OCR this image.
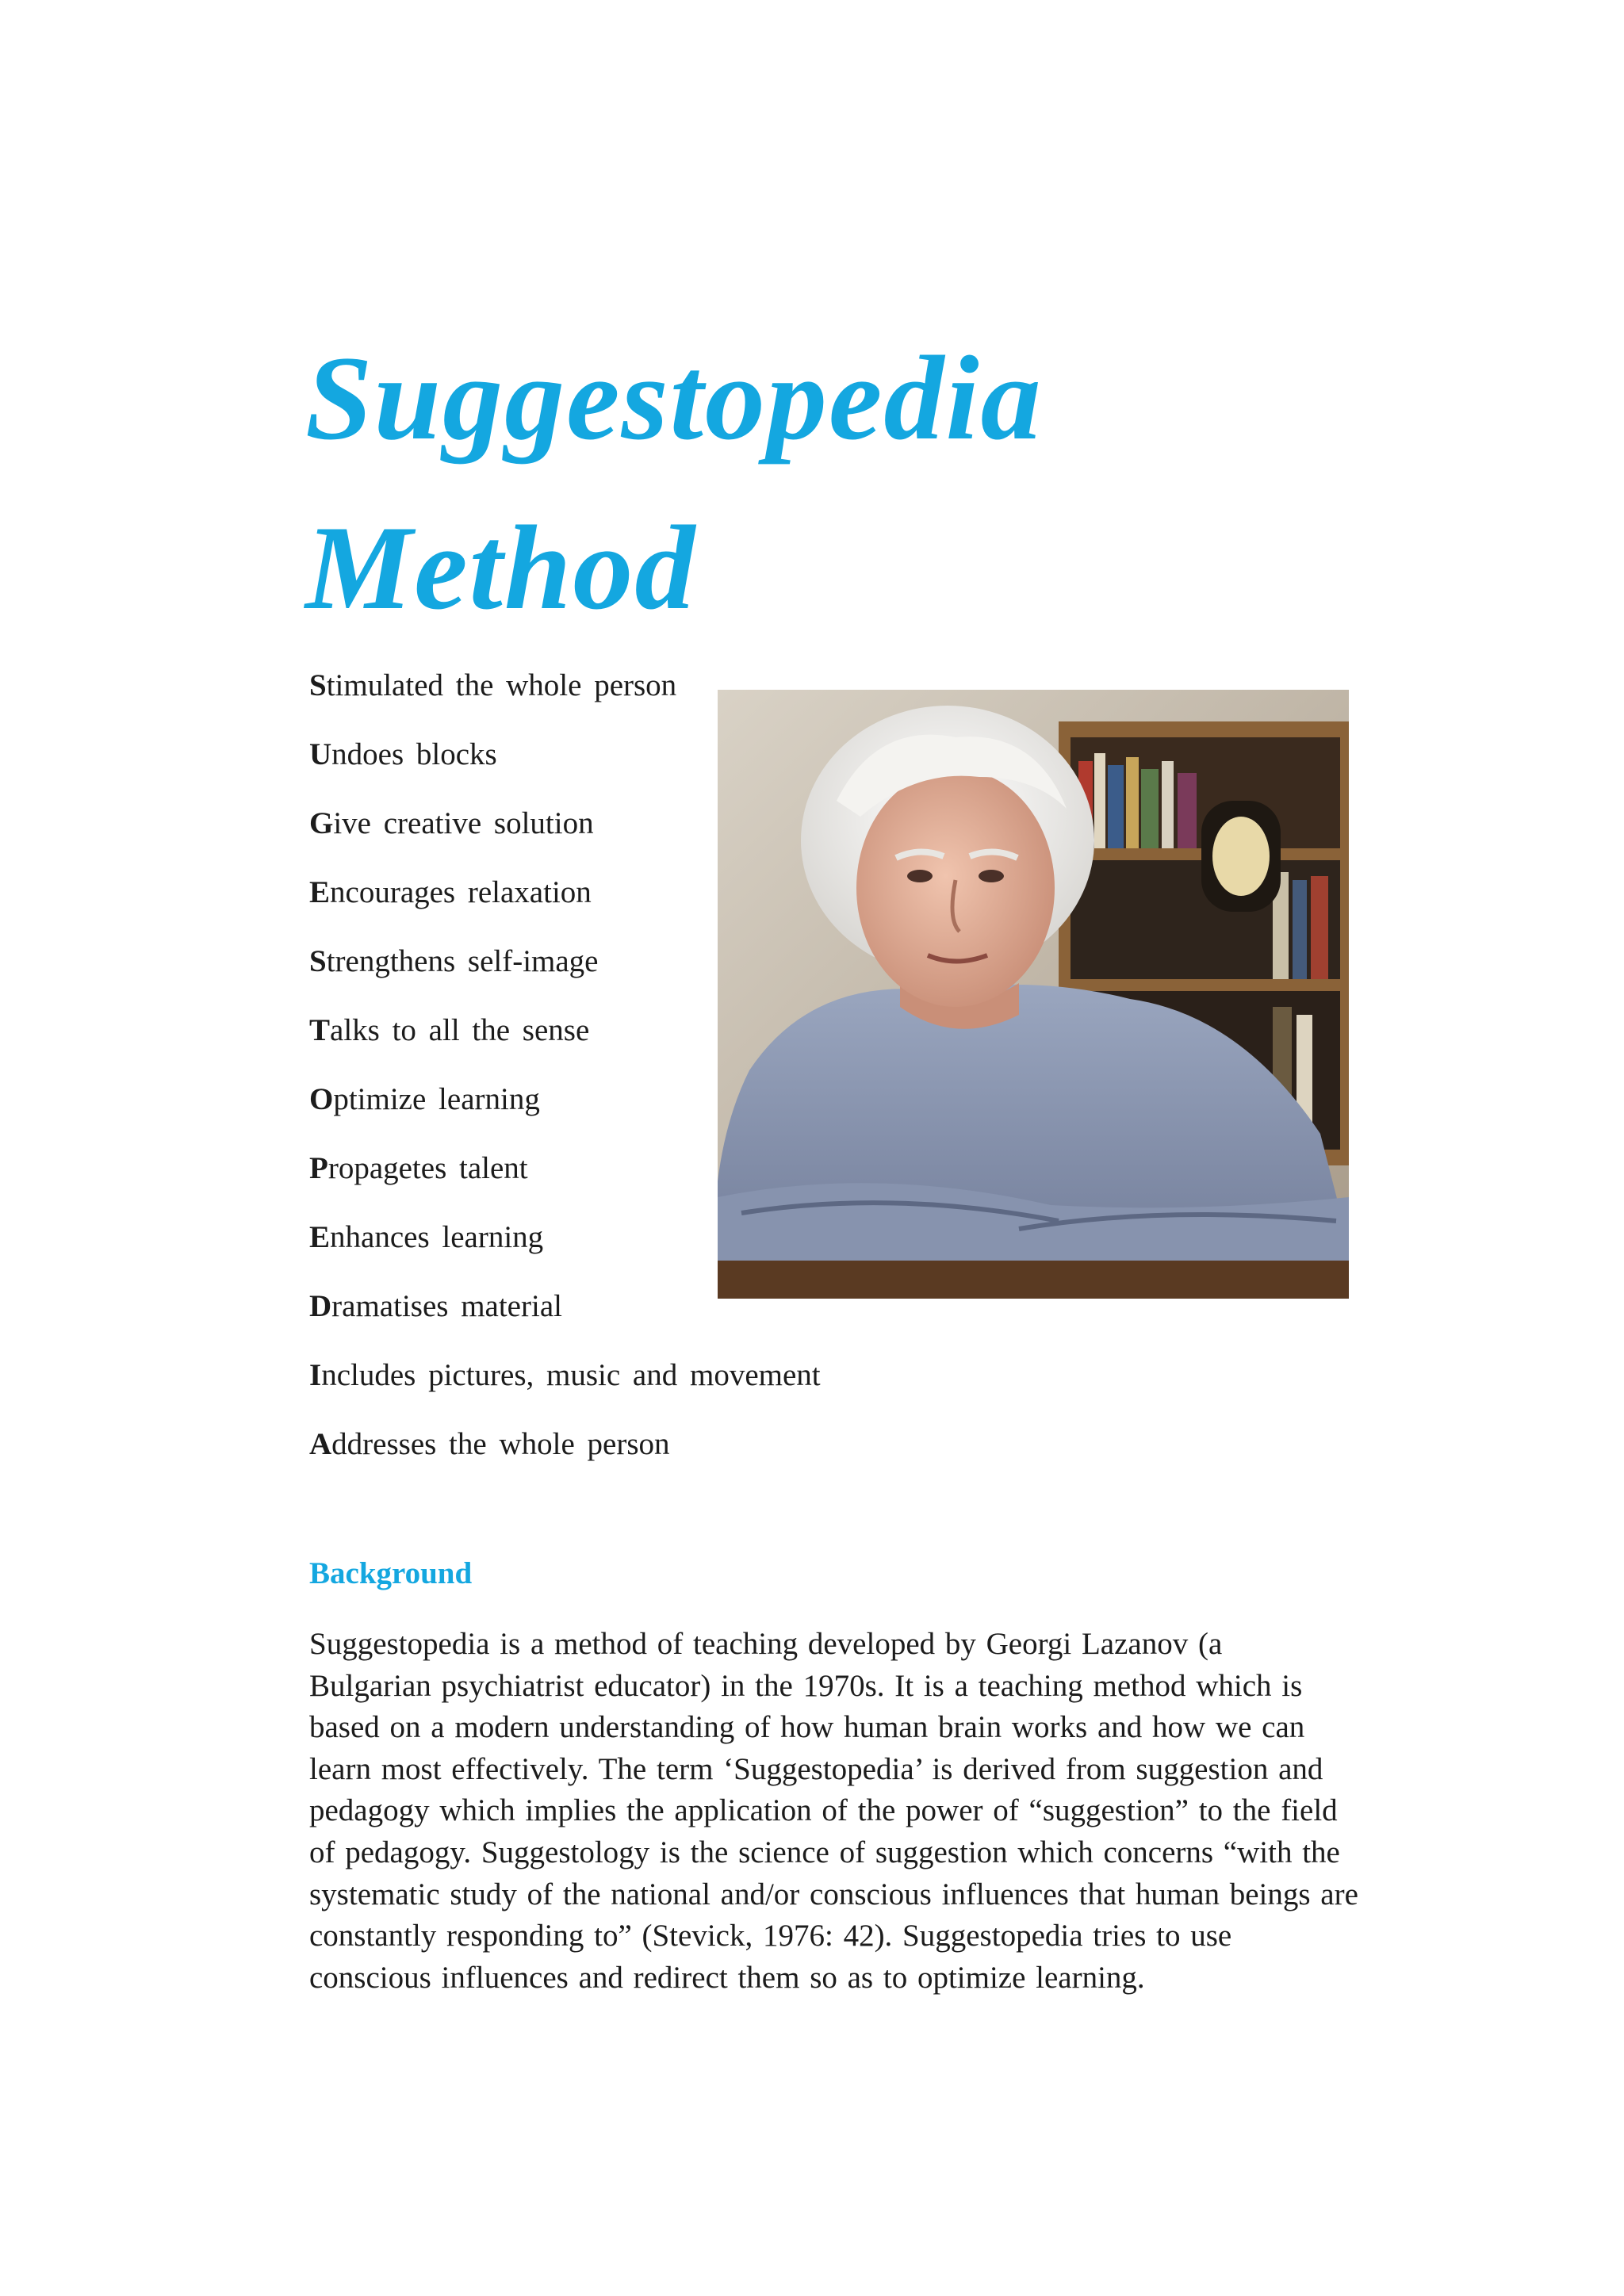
Suggestopedia
Method
Stimulated the whole person
Undoes blocks
Give creative solution
Encourages relaxation
Strengthens self-image
Talks to all the sense
Optimize learning
Propagetes talent
Enhances learning
Dramatises material
Includes pictures, music and movement
Addresses the whole person
Background

Suggestopedia is a method of teaching developed by Georgi Lazanov (a
Bulgarian psychiatrist educator) in the 1970s. It is a teaching method which is
based on a modern understanding of how human brain works and how we can
learn most effectively. The term ‘Suggestopedia’ is derived from suggestion and
pedagogy which implies the application of the power of “suggestion” to the field
of pedagogy. Suggestology is the science of suggestion which concerns “with the
systematic study of the national and/or conscious influences that human beings are
constantly responding to” (Stevick, 1976: 42). Suggestopedia tries to use
conscious influences and redirect them so as to optimize learning.
